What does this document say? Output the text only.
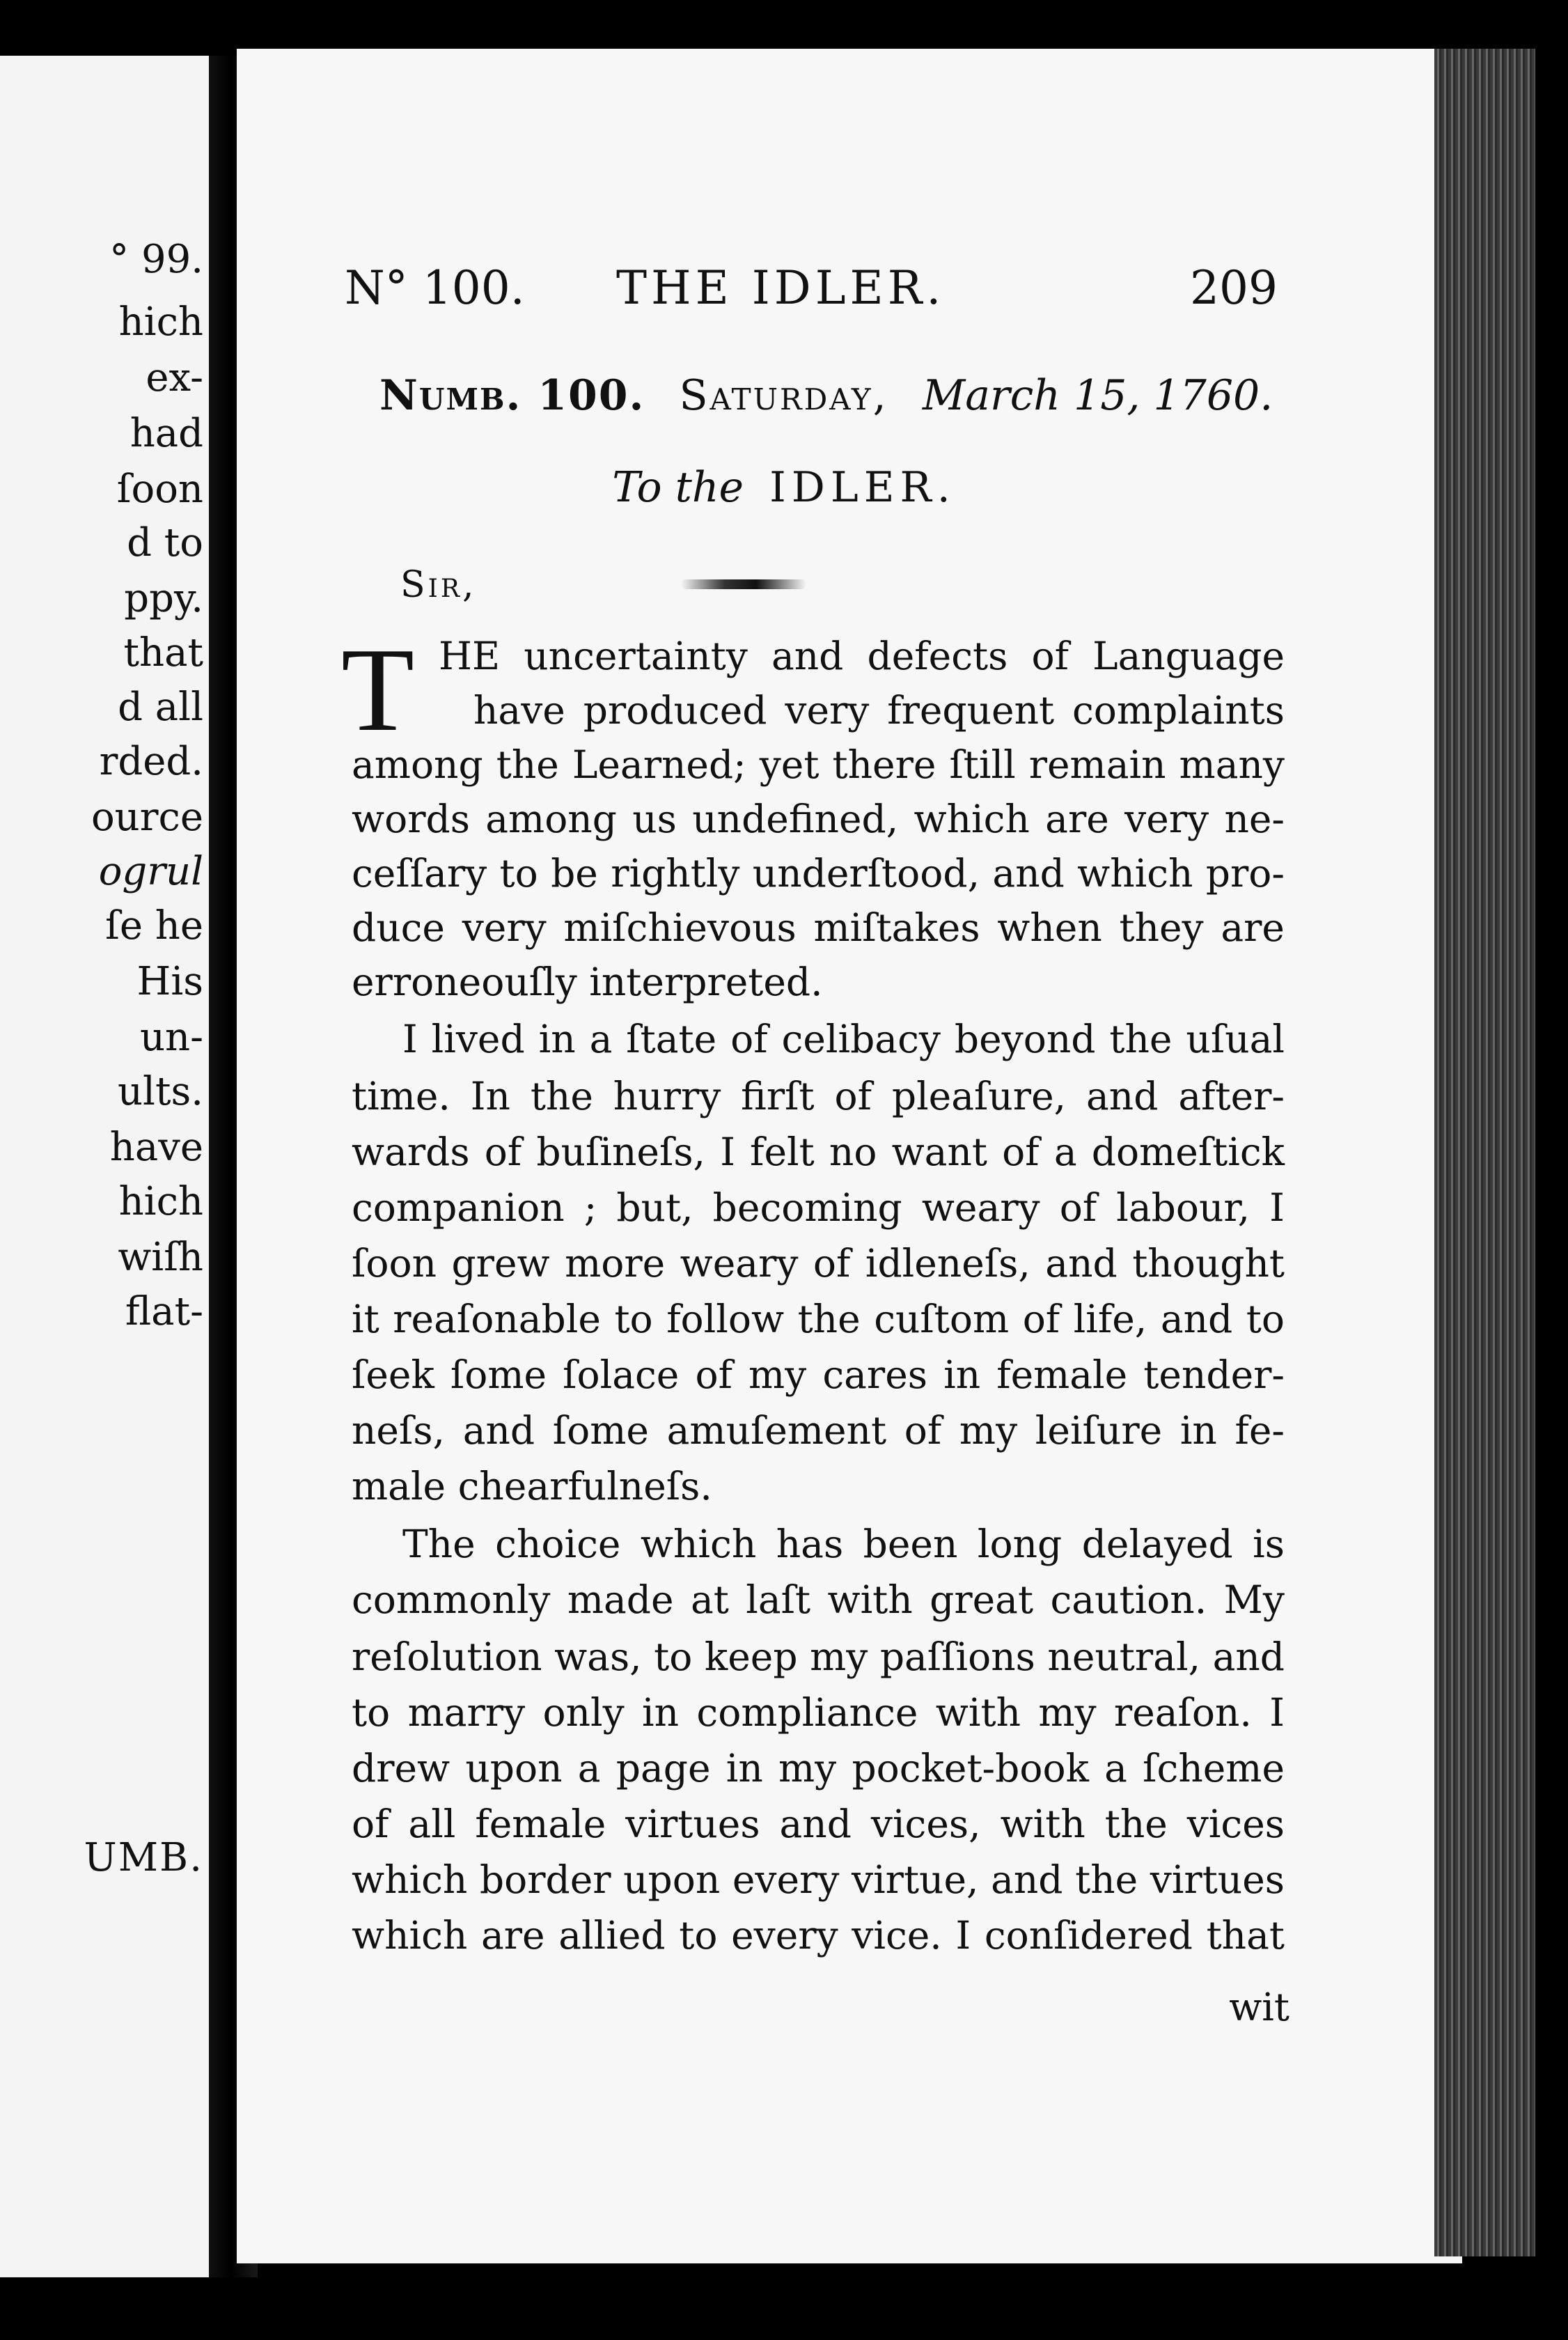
° 99.
hich
ex-
had
ſoon
d to
ppy.
that
d all
rded.
ource
ogrul
ſe he
His
un-
ults.
have
hich
wiſh
flat-
UMB.
N° 100. THE IDLER.	209
Numb. 100. Saturday, March 15, 1760.
To the IDLER.
Sir,
T HE uncertainty and defects of Language
have produced very frequent complaints
among the Learned; yet there ſtill remain many
words among us undefined, which are very ne-
ceſſary to be rightly underſtood, and which pro-
duce very miſchievous miſtakes when they are
erroneouſly interpreted.
I lived in a ſtate of celibacy beyond the uſual
time. In the hurry firſt of pleaſure, and after-
wards of buſineſs, I felt no want of a domeſtick
companion ; but, becoming weary of labour, I
ſoon grew more weary of idleneſs, and thought
it reaſonable to follow the cuſtom of life, and to
ſeek ſome ſolace of my cares in female tender-
neſs, and ſome amuſement of my leiſure in fe-
male chearfulneſs.
The choice which has been long delayed is
commonly made at laſt with great caution. My
reſolution was, to keep my paſſions neutral, and
to marry only in compliance with my reaſon. I
drew upon a page in my pocket-book a ſcheme
of all female virtues and vices, with the vices
which border upon every virtue, and the virtues
which are allied to every vice. I conſidered that
wit
